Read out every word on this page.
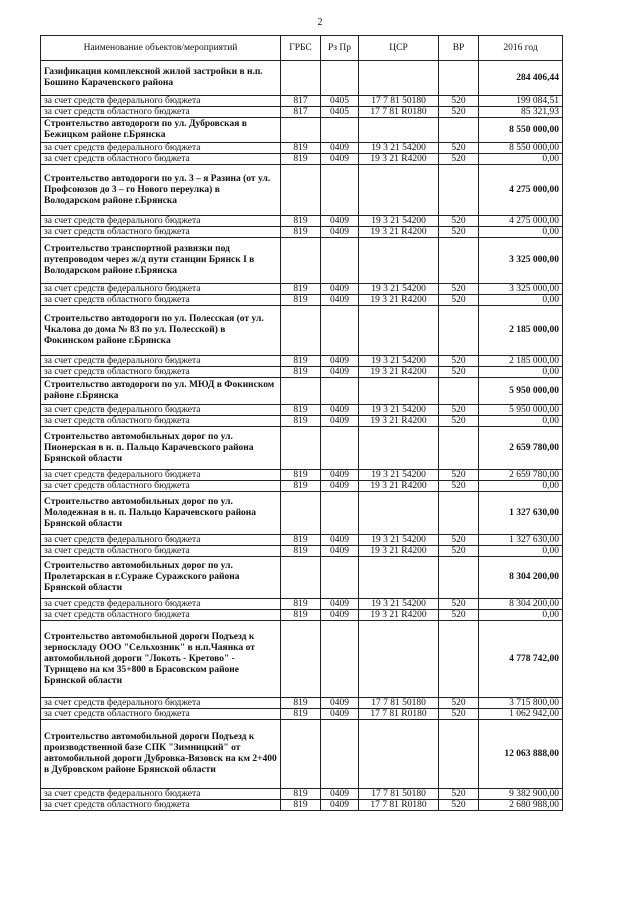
2
Наименование объектов/мероприятий	ГРБС	Рз Пр	ЦСР	ВР	2016 год
Газификация комплексной жилой застройки в н.п. Бошино Карачевского района					284 406,44
за счет средств федерального бюджета	817	0405	17 7 81 50180	520	199 084,51
за счет средств областного бюджета	817	0405	17 7 81 R0180	520	85 321,93
Строительство автодороги по ул. Дубровская в Бежицком районе г.Брянска					8 550 000,00
за счет средств федерального бюджета	819	0409	19 3 21 54200	520	8 550 000,00
за счет средств областного бюджета	819	0409	19 3 21 R4200	520	0,00
Строительство автодороги по ул. 3 – я Разина (от ул. Профсоюзов до 3 – го Нового переулка) в Володарском районе г.Брянска					4 275 000,00
за счет средств федерального бюджета	819	0409	19 3 21 54200	520	4 275 000,00
за счет средств областного бюджета	819	0409	19 3 21 R4200	520	0,00
Строительство транспортной развязки под путепроводом через ж/д пути станции Брянск I в Володарском районе г.Брянска					3 325 000,00
за счет средств федерального бюджета	819	0409	19 3 21 54200	520	3 325 000,00
за счет средств областного бюджета	819	0409	19 3 21 R4200	520	0,00
Строительство автодороги по ул. Полесская (от ул. Чкалова до дома № 83 по ул. Полесской) в Фокинском районе г.Брянска					2 185 000,00
за счет средств федерального бюджета	819	0409	19 3 21 54200	520	2 185 000,00
за счет средств областного бюджета	819	0409	19 3 21 R4200	520	0,00
Строительство автодороги по ул. МЮД в Фокинском районе г.Брянска					5 950 000,00
за счет средств федерального бюджета	819	0409	19 3 21 54200	520	5 950 000,00
за счет средств областного бюджета	819	0409	19 3 21 R4200	520	0,00
Строительство автомобильных дорог по ул. Пионерская в н. п. Пальцо Карачевского района Брянской области					2 659 780,00
за счет средств федерального бюджета	819	0409	19 3 21 54200	520	2 659 780,00
за счет средств областного бюджета	819	0409	19 3 21 R4200	520	0,00
Строительство автомобильных дорог по ул. Молодежная в н. п. Пальцо Карачевского района Брянской области					1 327 630,00
за счет средств федерального бюджета	819	0409	19 3 21 54200	520	1 327 630,00
за счет средств областного бюджета	819	0409	19 3 21 R4200	520	0,00
Строительство автомобильных дорог по ул. Пролетарская в г.Сураже Суражского района Брянской области					8 304 200,00
за счет средств федерального бюджета	819	0409	19 3 21 54200	520	8 304 200,00
за счет средств областного бюджета	819	0409	19 3 21 R4200	520	0,00
Строительство автомобильной дороги Подъезд к зерноскладу ООО "Сельхозник" в н.п.Чаянка от автомобильной дороги "Локоть - Кретово" - Турищево на км 35+800 в Брасовском районе Брянской области					4 778 742,00
за счет средств федерального бюджета	819	0409	17 7 81 50180	520	3 715 800,00
за счет средств областного бюджета	819	0409	17 7 81 R0180	520	1 062 942,00
Строительство автомобильной дороги Подъезд к производственной базе СПК "Зимницкий" от автомобильной дороги Дубровка-Вязовск на км 2+400 в Дубровском районе Брянской области					12 063 888,00
за счет средств федерального бюджета	819	0409	17 7 81 50180	520	9 382 900,00
за счет средств областного бюджета	819	0409	17 7 81 R0180	520	2 680 988,00
